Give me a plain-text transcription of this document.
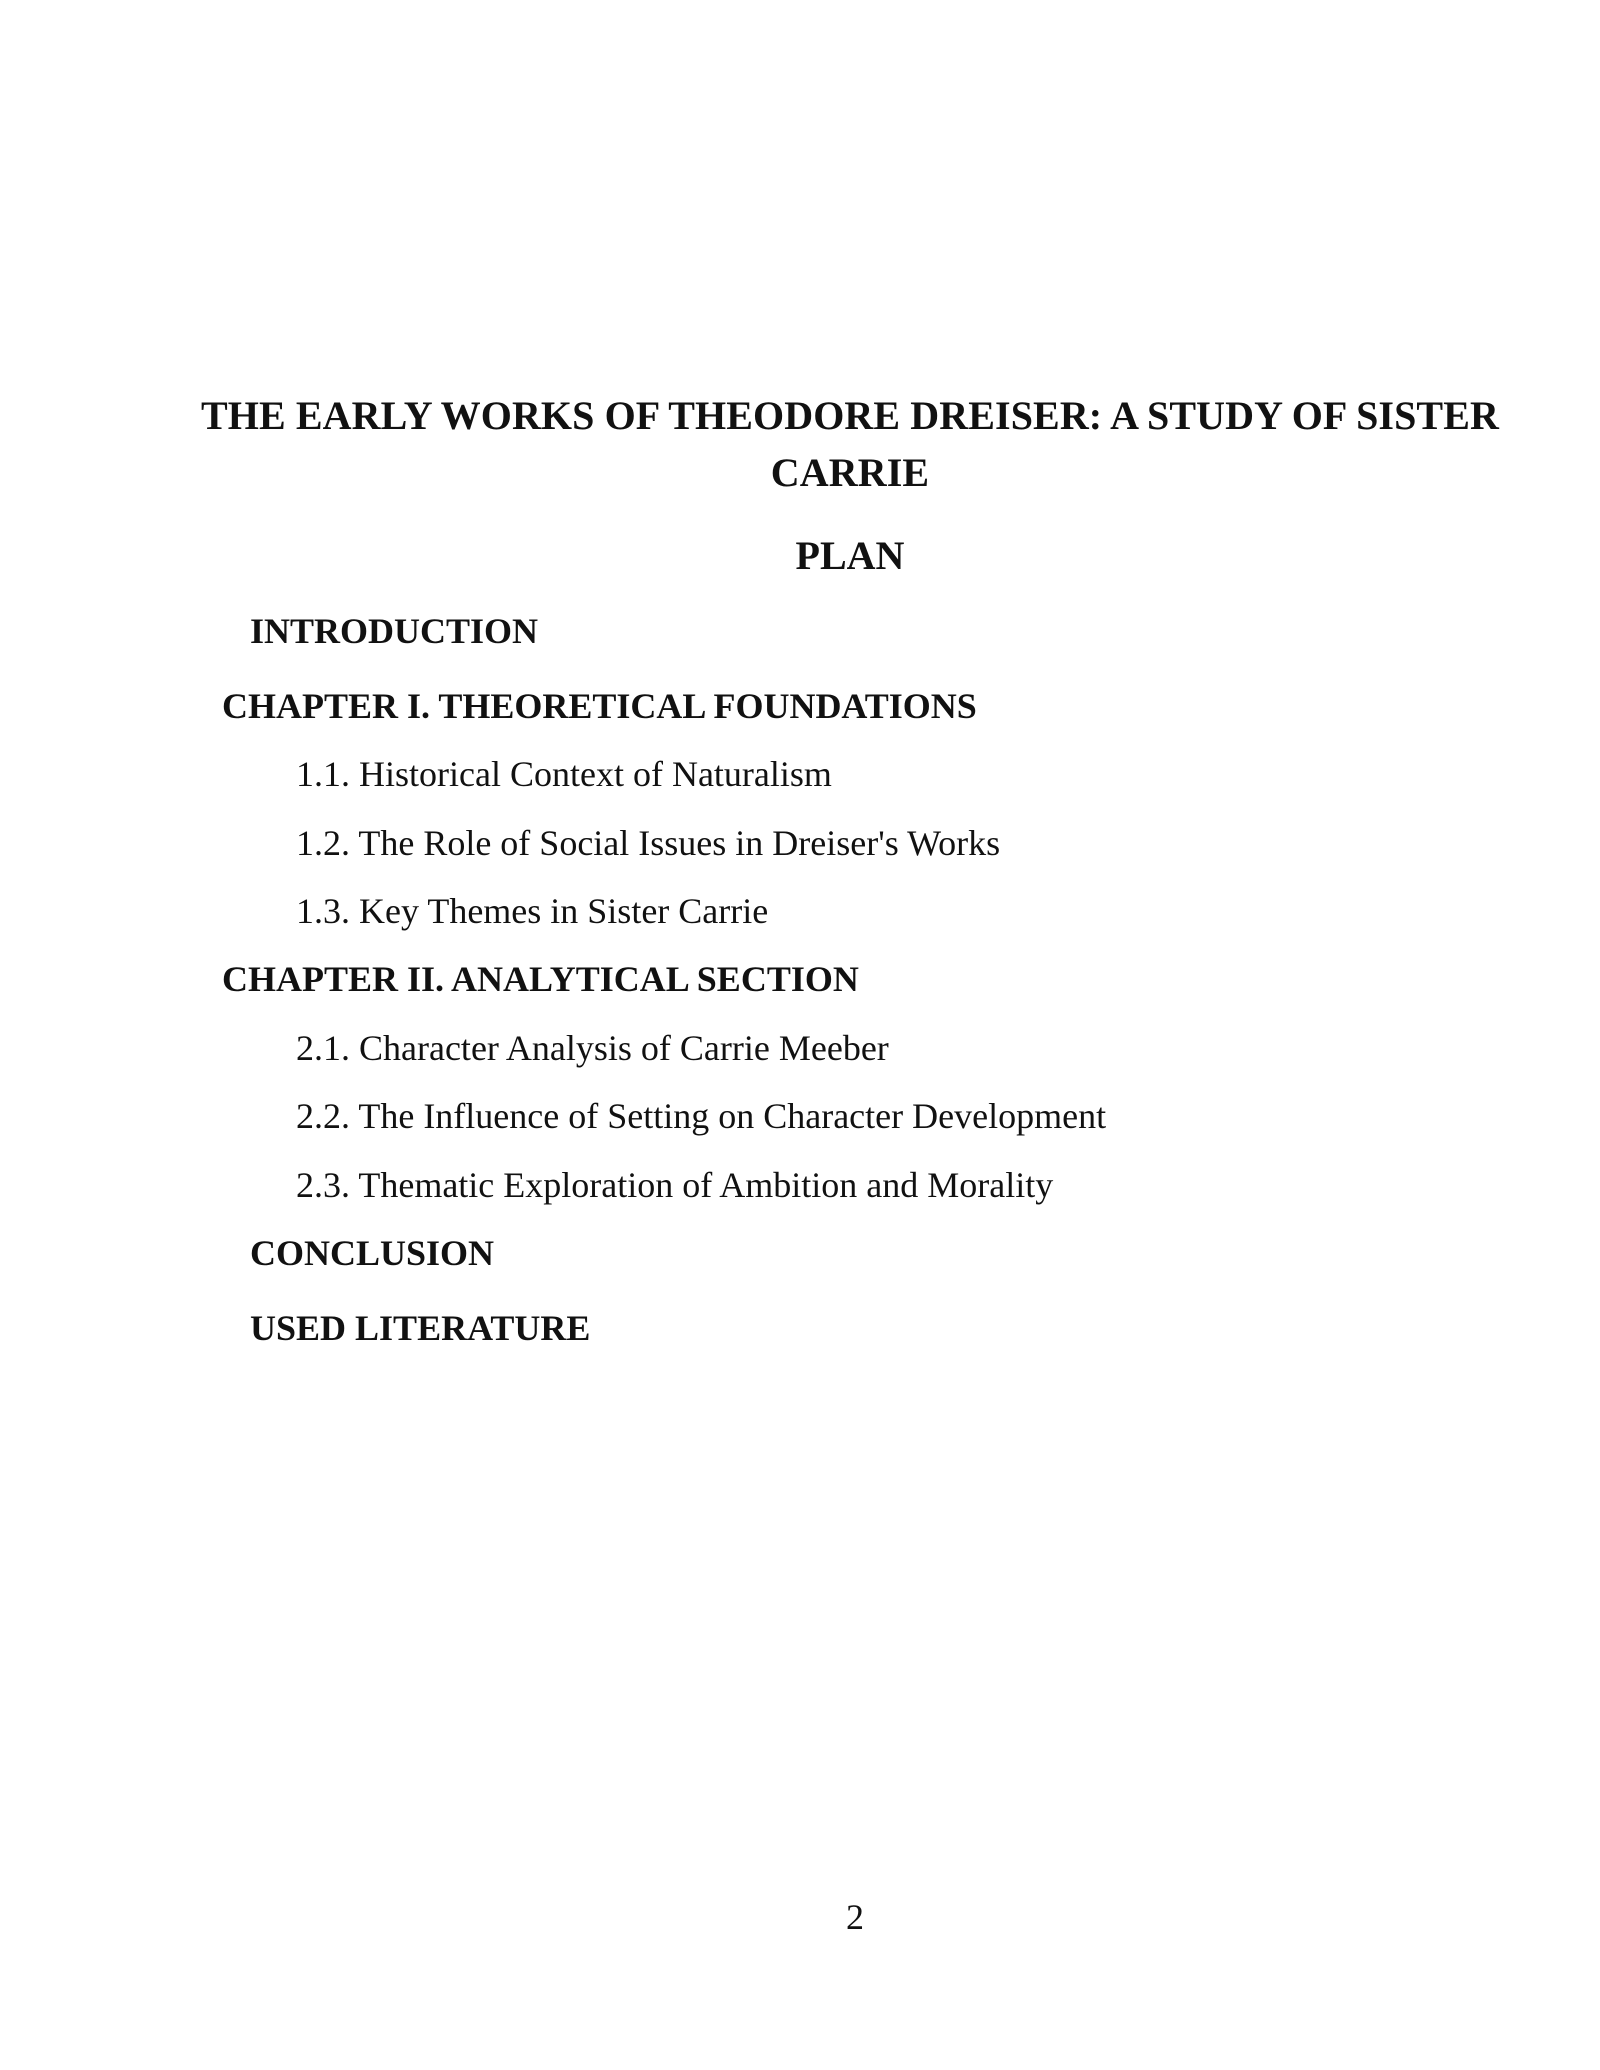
THE EARLY WORKS OF THEODORE DREISER: A STUDY OF SISTER CARRIE
PLAN

INTRODUCTION

CHAPTER I. THEORETICAL FOUNDATIONS

1.1. Historical Context of Naturalism

1.2. The Role of Social Issues in Dreiser's Works

1.3. Key Themes in Sister Carrie

CHAPTER II. ANALYTICAL SECTION

2.1. Character Analysis of Carrie Meeber

2.2. The Influence of Setting on Character Development

2.3. Thematic Exploration of Ambition and Morality

CONCLUSION

USED LITERATURE

2
